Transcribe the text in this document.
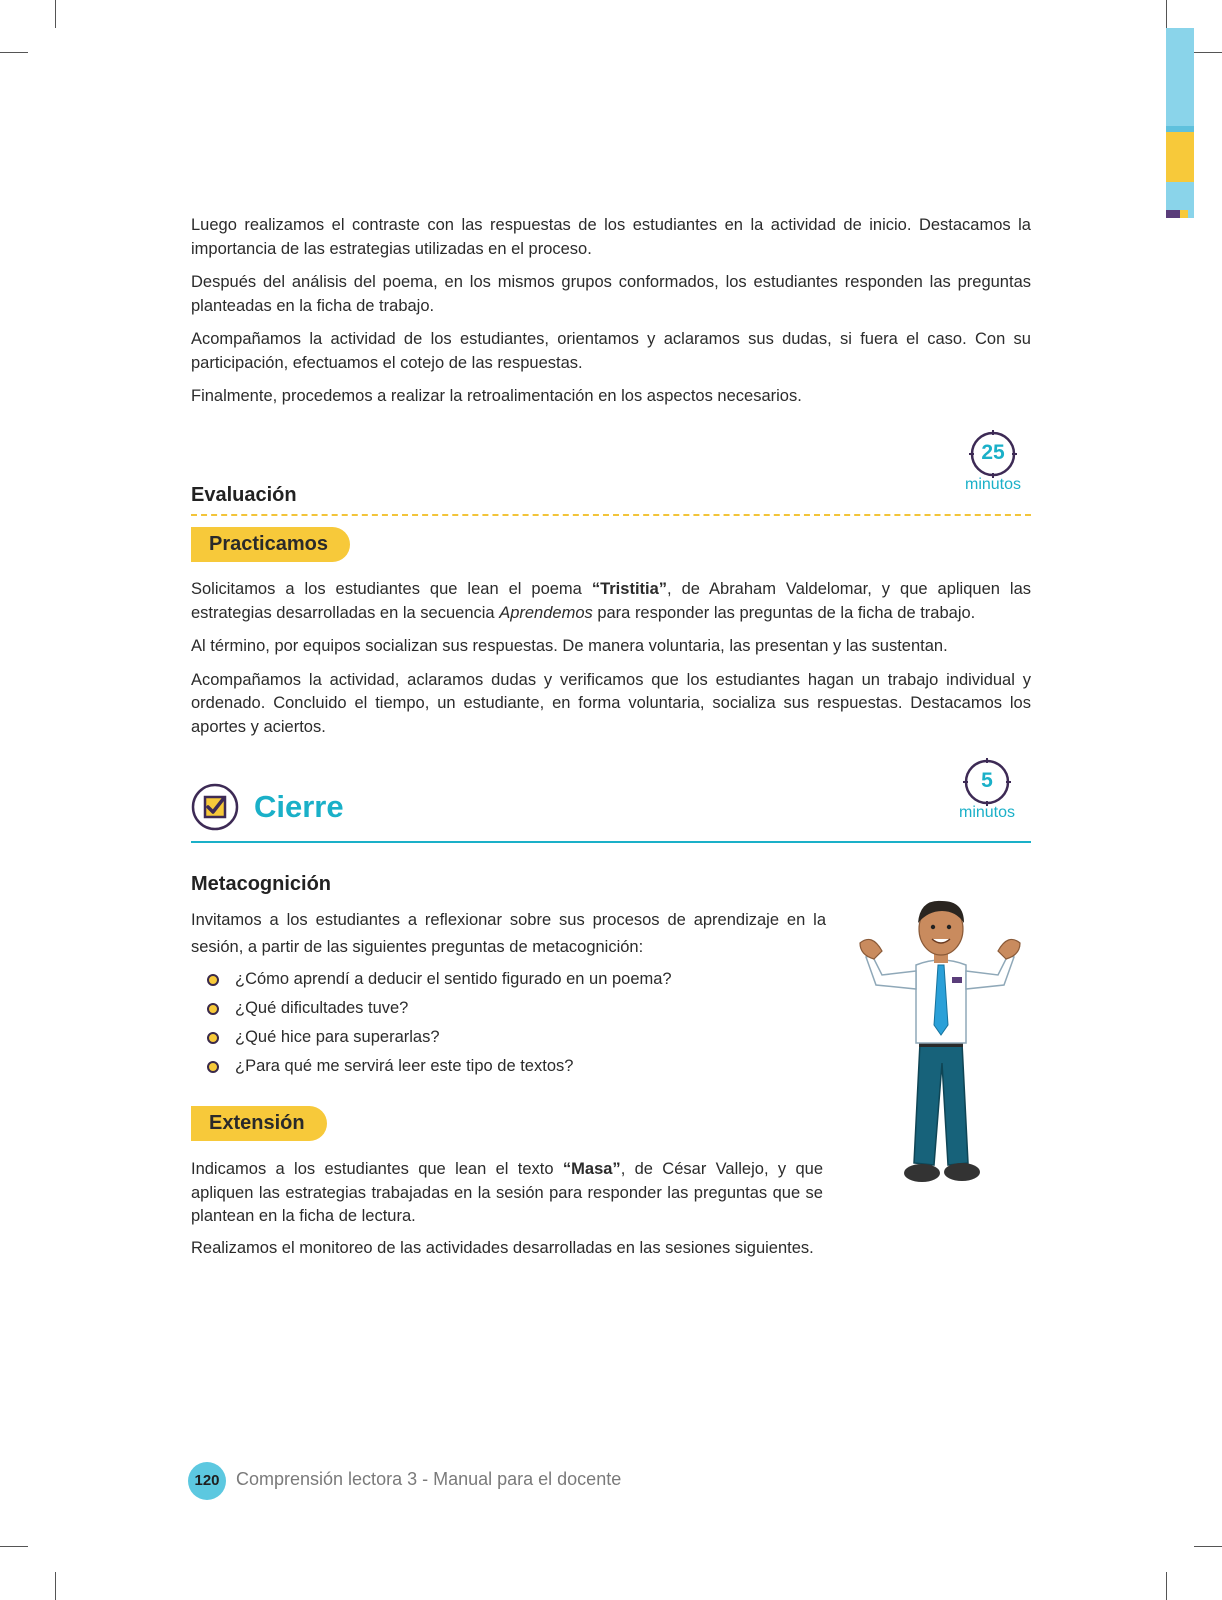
Luego realizamos el contraste con las respuestas de los estudiantes en la actividad de inicio. Destacamos la importancia de las estrategias utilizadas en el proceso.

Después del análisis del poema, en los mismos grupos conformados, los estudiantes responden las preguntas planteadas en la ficha de trabajo.

Acompañamos la actividad de los estudiantes, orientamos y aclaramos sus dudas, si fuera el caso. Con su participación, efectuamos el cotejo de las respuestas.

Finalmente, procedemos a realizar la retroalimentación en los aspectos necesarios.

Evaluación
25
minutos
Practicamos

Solicitamos a los estudiantes que lean el poema “Tristitia”, de Abraham Valdelomar, y que apliquen las estrategias desarrolladas en la secuencia Aprendemos para responder las preguntas de la ficha de trabajo.

Al término, por equipos socializan sus respuestas. De manera voluntaria, las presentan y las sustentan.

Acompañamos la actividad, aclaramos dudas y verificamos que los estudiantes hagan un trabajo individual y ordenado. Concluido el tiempo, un estudiante, en forma voluntaria, socializa sus respuestas. Destacamos los aportes y aciertos.

Cierre
5
minutos
Metacognición

Invitamos a los estudiantes a reflexionar sobre sus procesos de aprendizaje en la sesión, a partir de las siguientes preguntas de metacognición:

¿Cómo aprendí a deducir el sentido figurado en un poema?
¿Qué dificultades tuve?
¿Qué hice para superarlas?
¿Para qué me servirá leer este tipo de textos?
Extensión

Indicamos a los estudiantes que lean el texto “Masa”, de César Vallejo, y que apliquen las estrategias trabajadas en la sesión para responder las preguntas que se plantean en la ficha de lectura.

Realizamos el monitoreo de las actividades desarrolladas en las sesiones siguientes.

120 Comprensión lectora 3 - Manual para el docente
